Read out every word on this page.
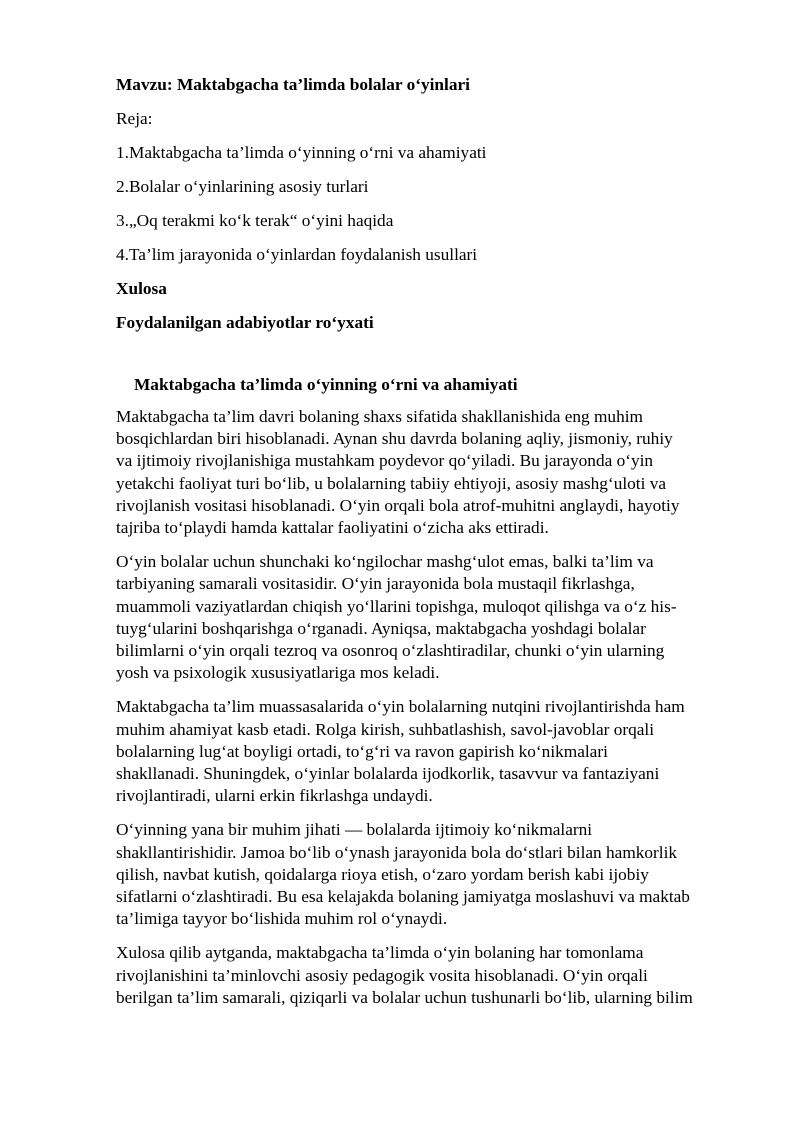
Mavzu: Maktabgacha ta’limda bolalar o‘yinlari

Reja:

1.Maktabgacha ta’limda o‘yinning o‘rni va ahamiyati

2.Bolalar o‘yinlarining asosiy turlari

3.„Oq terakmi ko‘k terak“ o‘yini haqida

4.Ta’lim jarayonida o‘yinlardan foydalanish usullari

Xulosa

Foydalanilgan adabiyotlar ro‘yxati

Maktabgacha ta’limda o‘yinning o‘rni va ahamiyati

Maktabgacha ta’lim davri bolaning shaxs sifatida shakllanishida eng muhim
bosqichlardan biri hisoblanadi. Aynan shu davrda bolaning aqliy, jismoniy, ruhiy
va ijtimoiy rivojlanishiga mustahkam poydevor qo‘yiladi. Bu jarayonda o‘yin
yetakchi faoliyat turi bo‘lib, u bolalarning tabiiy ehtiyoji, asosiy mashg‘uloti va
rivojlanish vositasi hisoblanadi. O‘yin orqali bola atrof-muhitni anglaydi, hayotiy
tajriba to‘playdi hamda kattalar faoliyatini o‘zicha aks ettiradi.
O‘yin bolalar uchun shunchaki ko‘ngilochar mashg‘ulot emas, balki ta’lim va
tarbiyaning samarali vositasidir. O‘yin jarayonida bola mustaqil fikrlashga,
muammoli vaziyatlardan chiqish yo‘llarini topishga, muloqot qilishga va o‘z his-
tuyg‘ularini boshqarishga o‘rganadi. Ayniqsa, maktabgacha yoshdagi bolalar
bilimlarni o‘yin orqali tezroq va osonroq o‘zlashtiradilar, chunki o‘yin ularning
yosh va psixologik xususiyatlariga mos keladi.
Maktabgacha ta’lim muassasalarida o‘yin bolalarning nutqini rivojlantirishda ham
muhim ahamiyat kasb etadi. Rolga kirish, suhbatlashish, savol-javoblar orqali
bolalarning lug‘at boyligi ortadi, to‘g‘ri va ravon gapirish ko‘nikmalari
shakllanadi. Shuningdek, o‘yinlar bolalarda ijodkorlik, tasavvur va fantaziyani
rivojlantiradi, ularni erkin fikrlashga undaydi.
O‘yinning yana bir muhim jihati — bolalarda ijtimoiy ko‘nikmalarni
shakllantirishidir. Jamoa bo‘lib o‘ynash jarayonida bola do‘stlari bilan hamkorlik
qilish, navbat kutish, qoidalarga rioya etish, o‘zaro yordam berish kabi ijobiy
sifatlarni o‘zlashtiradi. Bu esa kelajakda bolaning jamiyatga moslashuvi va maktab
ta’limiga tayyor bo‘lishida muhim rol o‘ynaydi.
Xulosa qilib aytganda, maktabgacha ta’limda o‘yin bolaning har tomonlama
rivojlanishini ta’minlovchi asosiy pedagogik vosita hisoblanadi. O‘yin orqali
berilgan ta’lim samarali, qiziqarli va bolalar uchun tushunarli bo‘lib, ularning bilim
